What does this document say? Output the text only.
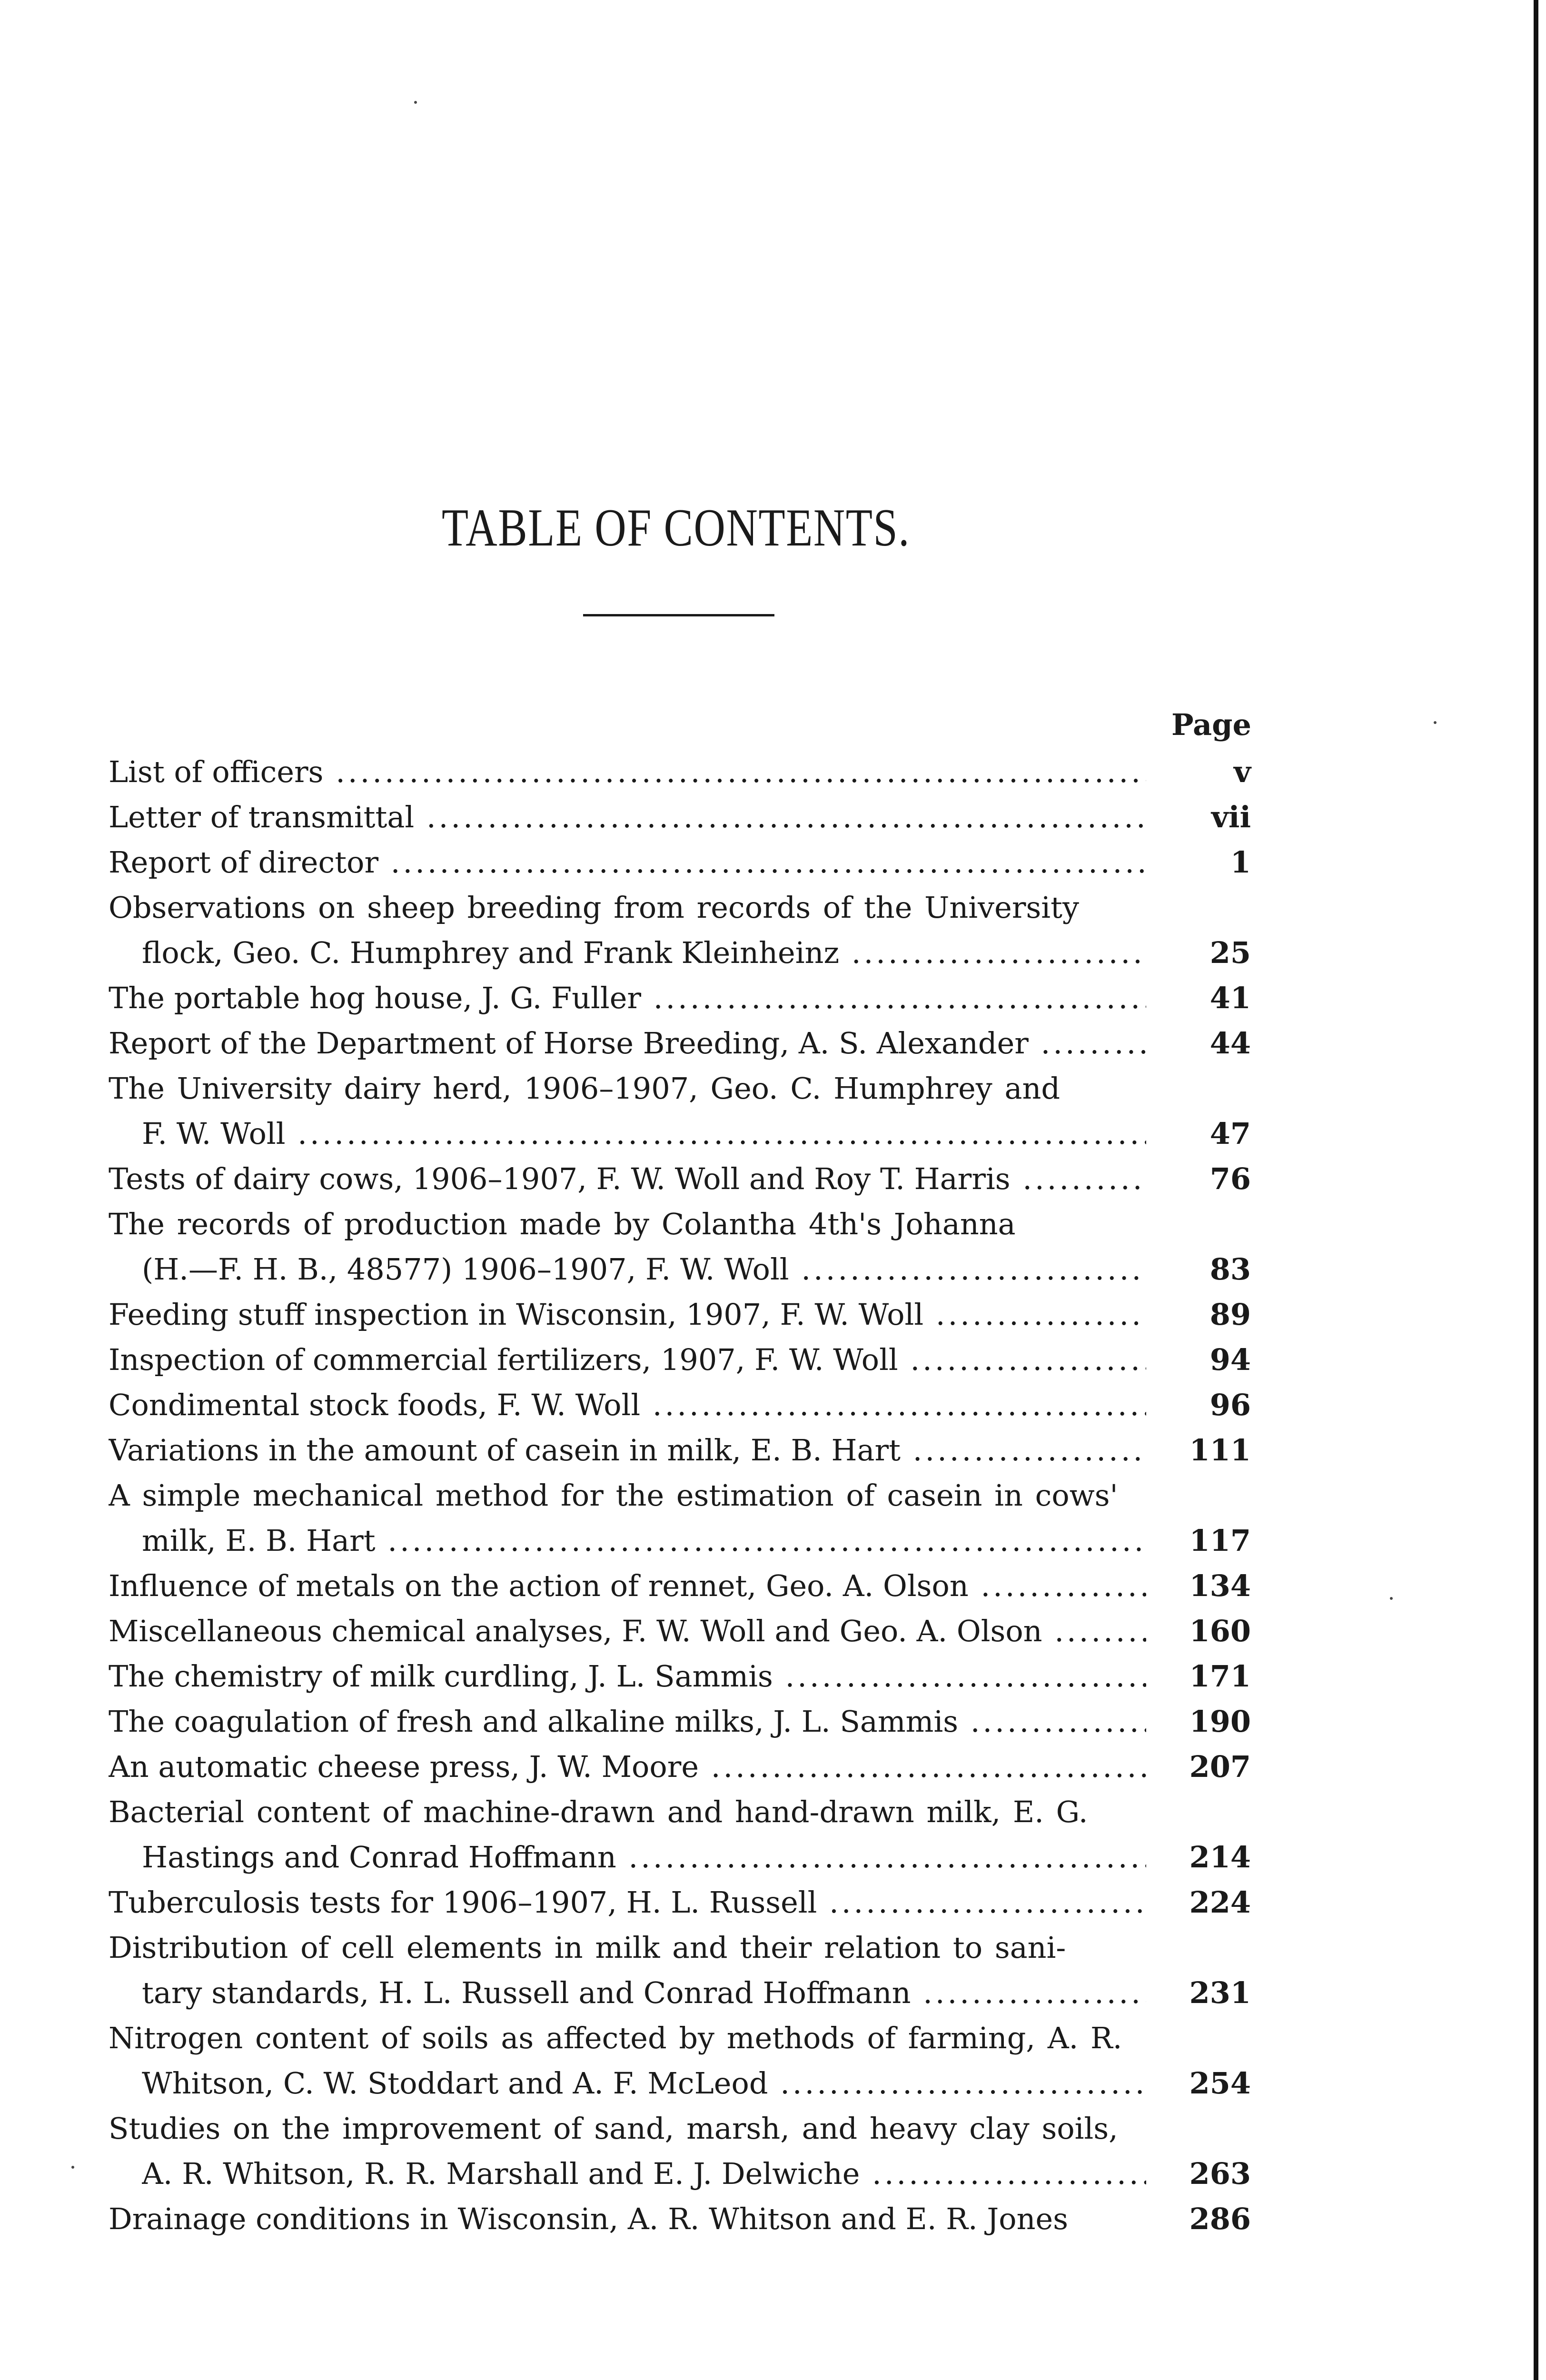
TABLE OF CONTENTS.
Page
List of officers .....	v
Letter of transmittal .....	vii
Report of director .....	1
Observations on sheep breeding from records of the University
flock, Geo. C. Humphrey and Frank Kleinheinz .....	25
The portable hog house, J. G. Fuller .....	41
Report of the Department of Horse Breeding, A. S. Alexander .....	44
The University dairy herd, 1906–1907, Geo. C. Humphrey and
F. W. Woll .....	47
Tests of dairy cows, 1906–1907, F. W. Woll and Roy T. Harris .....	76
The records of production made by Colantha 4th's Johanna
(H.—F. H. B., 48577) 1906–1907, F. W. Woll .....	83
Feeding stuff inspection in Wisconsin, 1907, F. W. Woll .....	89
Inspection of commercial fertilizers, 1907, F. W. Woll .....	94
Condimental stock foods, F. W. Woll .....	96
Variations in the amount of casein in milk, E. B. Hart .....	111
A simple mechanical method for the estimation of casein in cows'
milk, E. B. Hart .....	117
Influence of metals on the action of rennet, Geo. A. Olson .....	134
Miscellaneous chemical analyses, F. W. Woll and Geo. A. Olson .....	160
The chemistry of milk curdling, J. L. Sammis .....	171
The coagulation of fresh and alkaline milks, J. L. Sammis .....	190
An automatic cheese press, J. W. Moore .....	207
Bacterial content of machine-drawn and hand-drawn milk, E. G.
Hastings and Conrad Hoffmann .....	214
Tuberculosis tests for 1906–1907, H. L. Russell .....	224
Distribution of cell elements in milk and their relation to sani-
tary standards, H. L. Russell and Conrad Hoffmann .....	231
Nitrogen content of soils as affected by methods of farming, A. R.
Whitson, C. W. Stoddart and A. F. McLeod .....	254
Studies on the improvement of sand, marsh, and heavy clay soils,
A. R. Whitson, R. R. Marshall and E. J. Delwiche .....	263
Drainage conditions in Wisconsin, A. R. Whitson and E. R. Jones	286
